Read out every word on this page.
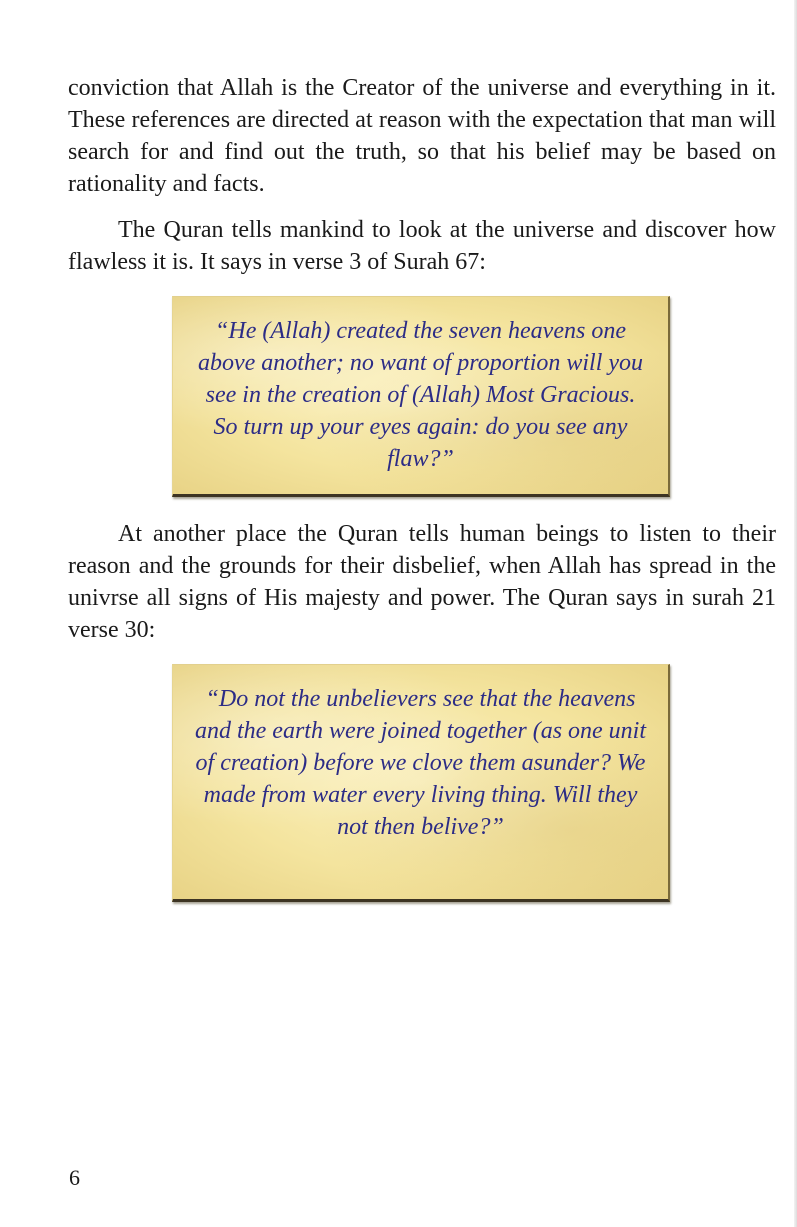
conviction that Allah is the Creator of the universe and everything in it. These references are directed at reason with the expectation that man will search for and find out the truth, so that his belief may be based on rationality and facts.

The Quran tells mankind to look at the universe and discover how flawless it is. It says in verse 3 of Surah 67:

“He (Allah) created the seven heavens one above another; no want of proportion will you see in the creation of (Allah) Most Gracious. So turn up your eyes again: do you see any flaw?”

At another place the Quran tells human beings to listen to their reason and the grounds for their disbelief, when Allah has spread in the univrse all signs of His majesty and power. The Quran says in surah 21 verse 30:

“Do not the unbelievers see that the heavens and the earth were joined together (as one unit of creation) before we clove them asunder? We made from water every living thing. Will they not then belive?”

6
